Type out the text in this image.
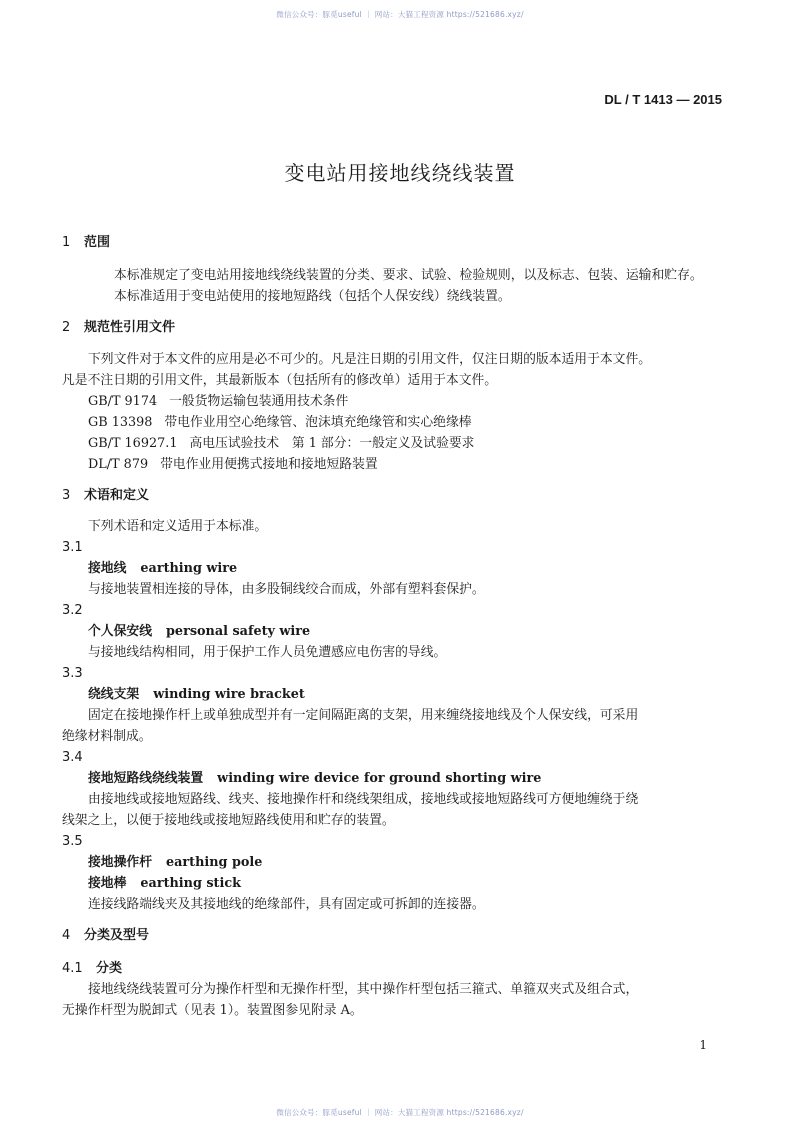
微信公众号：豚觅useful ｜ 网站：大猫工程资源 https://521686.xyz/
DL / T 1413 — 2015
变电站用接地线绕线装置

1 范围

本标准规定了变电站用接地线绕线装置的分类、要求、试验、检验规则，以及标志、包装、运输和贮存。

本标准适用于变电站使用的接地短路线（包括个人保安线）绕线装置。

2 规范性引用文件

下列文件对于本文件的应用是必不可少的。凡是注日期的引用文件，仅注日期的版本适用于本文件。

凡是不注日期的引用文件，其最新版本（包括所有的修改单）适用于本文件。

GB/T 9174 一般货物运输包装通用技术条件

GB 13398 带电作业用空心绝缘管、泡沫填充绝缘管和实心绝缘棒

GB/T 16927.1 高电压试验技术　第 1 部分：一般定义及试验要求

DL/T 879 带电作业用便携式接地和接地短路装置

3 术语和定义

下列术语和定义适用于本标准。

3.1

接地线 earthing wire

与接地装置相连接的导体，由多股铜线绞合而成，外部有塑料套保护。

3.2

个人保安线 personal safety wire

与接地线结构相同，用于保护工作人员免遭感应电伤害的导线。

3.3

绕线支架 winding wire bracket

固定在接地操作杆上或单独成型并有一定间隔距离的支架，用来缠绕接地线及个人保安线，可采用

绝缘材料制成。

3.4

接地短路线绕线装置 winding wire device for ground shorting wire

由接地线或接地短路线、线夹、接地操作杆和绕线架组成，接地线或接地短路线可方便地缠绕于绕

线架之上，以便于接地线或接地短路线使用和贮存的装置。

3.5

接地操作杆 earthing pole

接地棒 earthing stick

连接线路端线夹及其接地线的绝缘部件，具有固定或可拆卸的连接器。

4 分类及型号

4.1 分类

接地线绕线装置可分为操作杆型和无操作杆型，其中操作杆型包括三箍式、单箍双夹式及组合式，

无操作杆型为脱卸式（见表 1）。装置图参见附录 A。

1
微信公众号：豚觅useful ｜ 网站：大猫工程资源 https://521686.xyz/
